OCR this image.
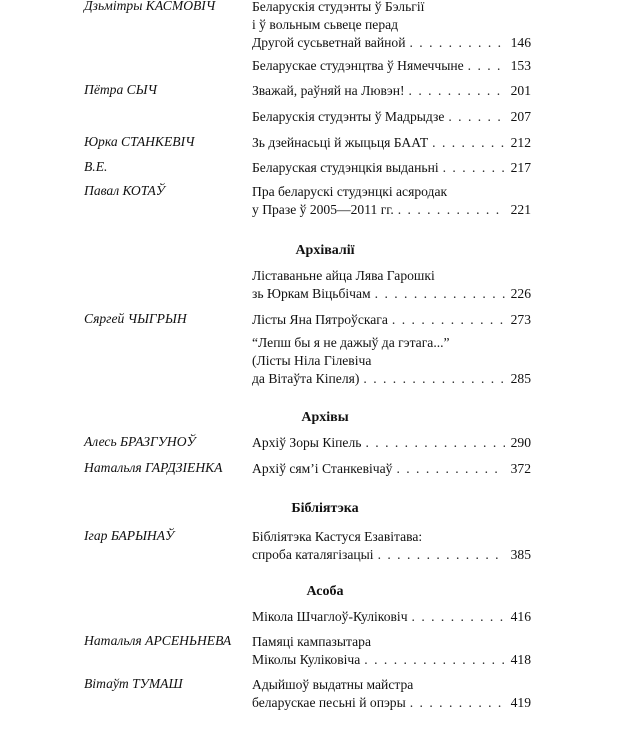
Дзьмітры КАСМОВІЧ	Беларускія студэнты ў Бэльгії
і ў вольным сьвеце перад
Другой сусьветнай вайной . . .	146
Беларускае студэнцтва ў Нямеччыне . . .	153
Пётра СЫЧ	Зважай, раўняй на Лювэн! . . .	201
Беларускія студэнты ў Мадрыдзе . . .	207
Юрка СТАНКЕВІЧ	Зь дзейнасьці й жыцьця БААТ . . .	212
В.Е.	Беларуская студэнцкія выданьні . . .	217
Павал КОТАЎ	Пра беларускі студэнцкі асяродак
у Празе ў 2005—2011 гг. . . .	221
Архівалії
Ліставаньне айца Лява Гарошкі
зь Юркам Віцьбічам . . .	226
Сяргей ЧЫГРЫН	Лісты Яна Пятроўскага . . .	273
“Лепш бы я не дажыў да гэтага...”
(Лісты Ніла Гілевіча
да Вітаўта Кіпеля) . . .	285
Архівы
Алесь БРАЗГУНОЎ	Архіў Зоры Кіпель . . .	290
Натальля ГАРДЗІЕНКА Архіў сям’і Станкевічаў . . .	372
Бібліятэка
Ігар БАРЫНАЎ	Бібліятэка Кастуся Езавітава:
спроба каталягізацыі . . .	385
Асоба
Мікола Шчаглоў-Куліковіч . . .	416
Натальля АРСЕНЬНЕВА Памяці кампазытара
Міколы Куліковіча . . .	418
Вітаўт ТУМАШ	Адыйшоў выдатны майстра
беларускае песьні й опэры . . .	419
